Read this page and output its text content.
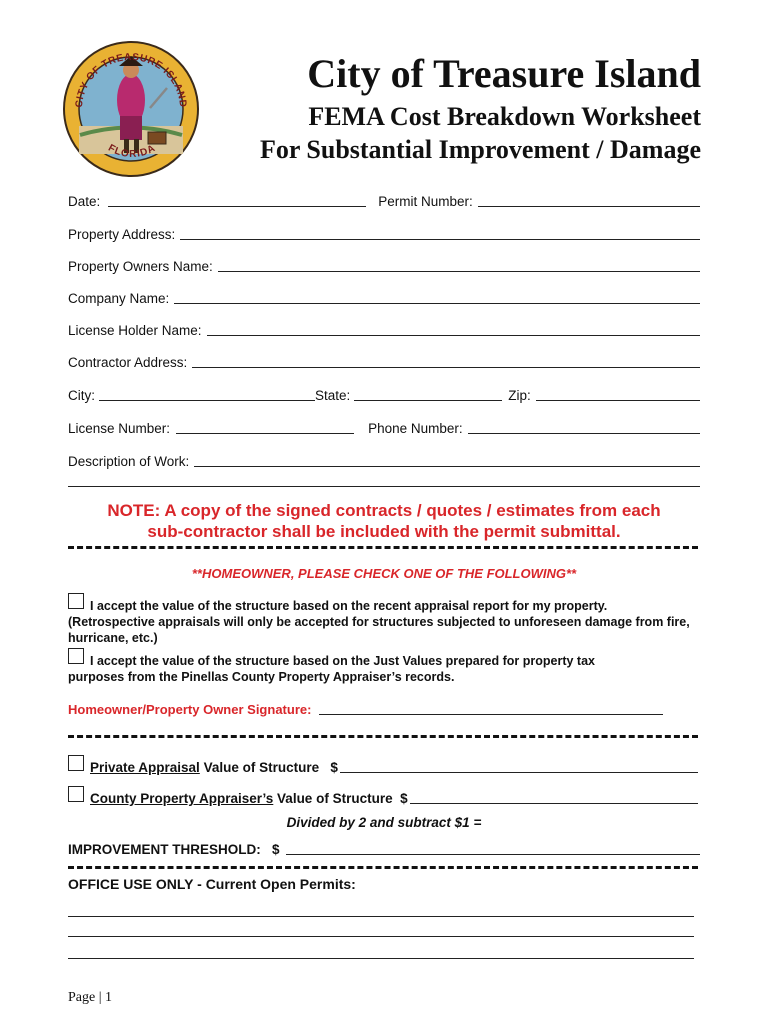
CITY OF TREASURE ISLAND
FLORIDA
City of Treasure Island
FEMA Cost Breakdown Worksheet
For Substantial Improvement / Damage
Date:	Permit Number:
Property Address:
Property Owners Name:
Company Name:
License Holder Name:
Contractor Address:
City:	State:	Zip:
License Number:	Phone Number:
Description of Work:
NOTE: A copy of the signed contracts / quotes / estimates from each
sub-contractor shall be included with the permit submittal.
**HOMEOWNER, PLEASE CHECK ONE OF THE FOLLOWING**
I accept the value of the structure based on the recent appraisal report for my property.
(Retrospective appraisals will only be accepted for structures subjected to unforeseen damage from fire, hurricane, etc.)
I accept the value of the structure based on the Just Values prepared for property tax
purposes from the Pinellas County Property Appraiser’s records.
Homeowner/Property Owner Signature:
Private Appraisal Value of Structure   $
County Property Appraiser’s Value of Structure  $
Divided by 2 and subtract $1 =
IMPROVEMENT THRESHOLD:   $
OFFICE USE ONLY - Current Open Permits:
Page | 1
